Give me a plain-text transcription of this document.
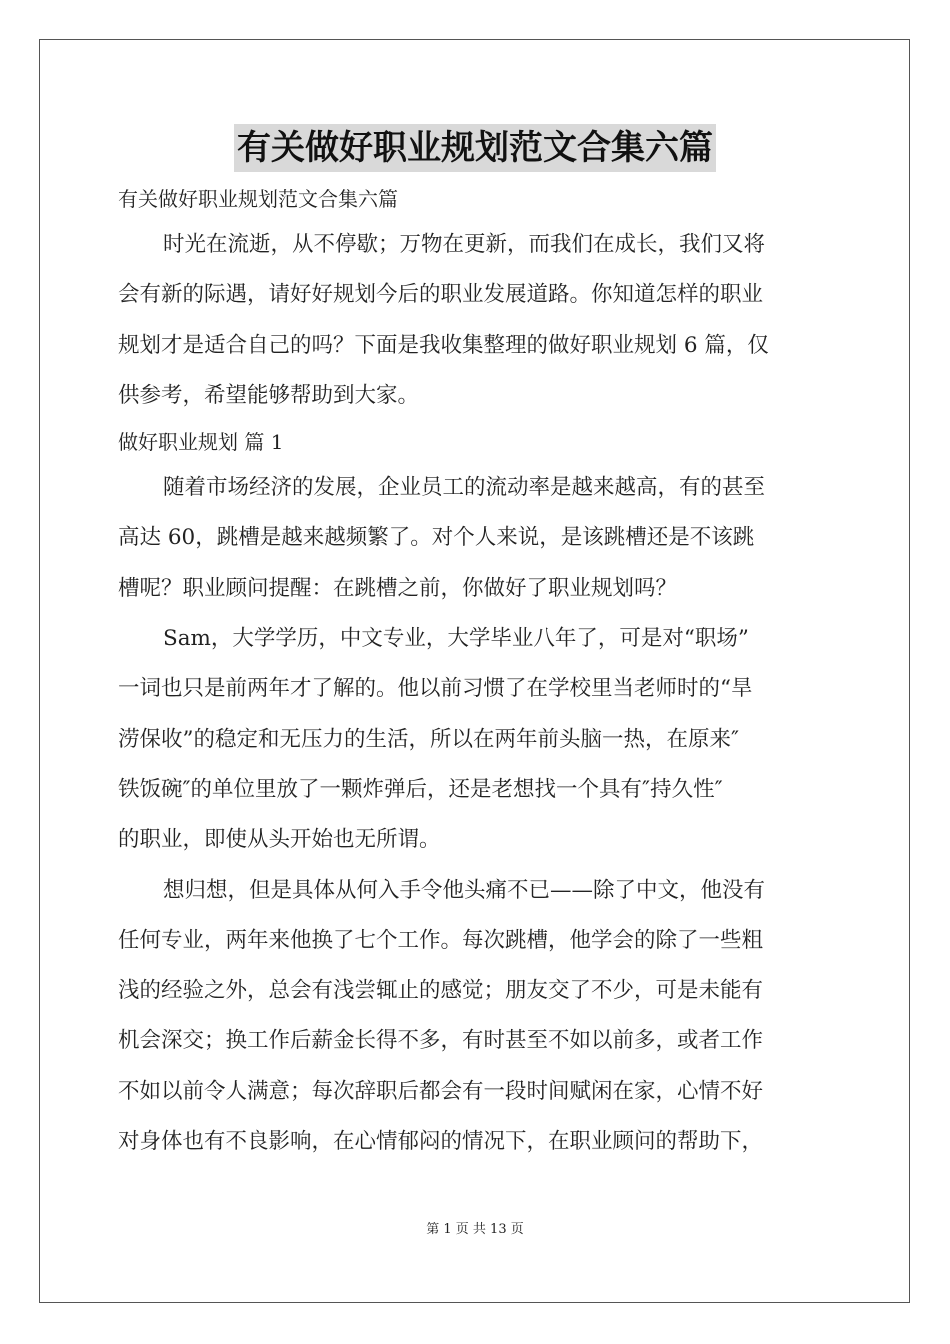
有关做好职业规划范文合集六篇
有关做好职业规划范文合集六篇
时光在流逝，从不停歇；万物在更新，而我们在成长，我们又将
会有新的际遇，请好好规划今后的职业发展道路。你知道怎样的职业
规划才是适合自己的吗？下面是我收集整理的做好职业规划 6 篇，仅
供参考，希望能够帮助到大家。
做好职业规划 篇 1
随着市场经济的发展，企业员工的流动率是越来越高，有的甚至
高达 60，跳槽是越来越频繁了。对个人来说，是该跳槽还是不该跳
槽呢？职业顾问提醒：在跳槽之前，你做好了职业规划吗？
Sam，大学学历，中文专业，大学毕业八年了，可是对“职场”
一词也只是前两年才了解的。他以前习惯了在学校里当老师时的“旱
涝保收”的稳定和无压力的生活，所以在两年前头脑一热，在原来″
铁饭碗″的单位里放了一颗炸弹后，还是老想找一个具有″持久性″
的职业，即使从头开始也无所谓。
想归想，但是具体从何入手令他头痛不已——除了中文，他没有
任何专业，两年来他换了七个工作。每次跳槽，他学会的除了一些粗
浅的经验之外，总会有浅尝辄止的感觉；朋友交了不少，可是未能有
机会深交；换工作后薪金长得不多，有时甚至不如以前多，或者工作
不如以前令人满意；每次辞职后都会有一段时间赋闲在家，心情不好
对身体也有不良影响，在心情郁闷的情况下，在职业顾问的帮助下，
第 1 页 共 13 页
